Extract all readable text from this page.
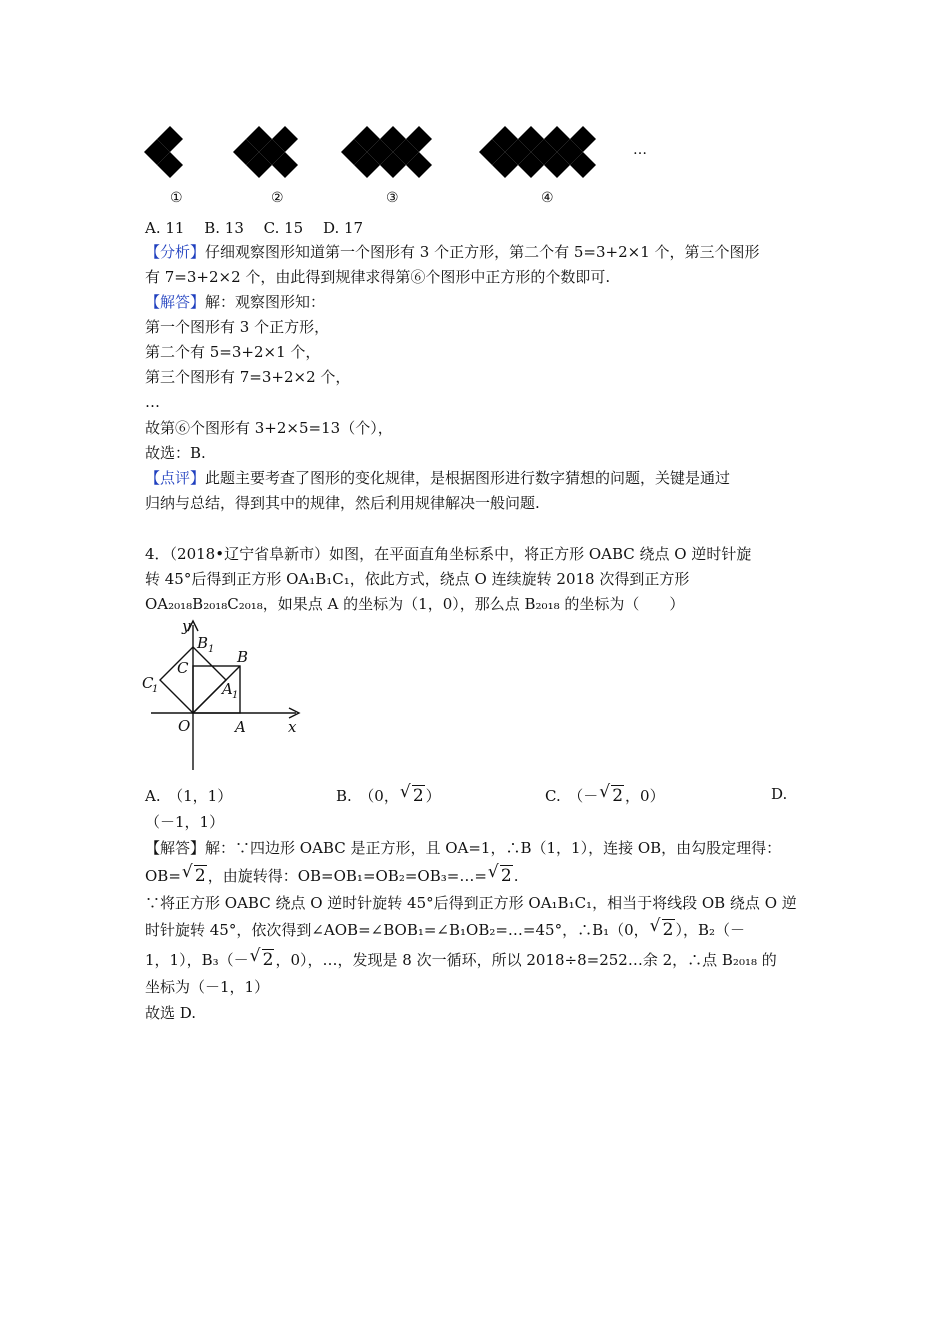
①	②	③	④
…
A. 11　 B. 13　 C. 15　 D. 17
【分析】仔细观察图形知道第一个图形有 3 个正方形，第二个有 5=3+2×1 个，第三个图形
有 7=3+2×2 个，由此得到规律求得第⑥个图形中正方形的个数即可.
【解答】解：观察图形知：
第一个图形有 3 个正方形，
第二个有 5=3+2×1 个，
第三个图形有 7=3+2×2 个，
…
故第⑥个图形有 3+2×5=13（个），
故选：B.
【点评】此题主要考查了图形的变化规律，是根据图形进行数字猜想的问题，关键是通过
归纳与总结，得到其中的规律，然后利用规律解决一般问题.
4．（2018•辽宁省阜新市）如图，在平面直角坐标系中，将正方形 OABC 绕点 O 逆时针旋
转 45°后得到正方形 OA₁B₁C₁，依此方式，绕点 O 连续旋转 2018 次得到正方形
OA₂₀₁₈B₂₀₁₈C₂₀₁₈，如果点 A 的坐标为（1，0），那么点 B₂₀₁₈ 的坐标为（　　）
y
B 1 B
C
C
1	A 1
O	A	x
A.　（1，1）	B.　（0， √ 2 ）	C.　（－ √ 2 ，0）	D.
（－1，1）
【解答】解：∵四边形 OABC 是正方形，且 OA=1，∴B（1，1），连接 OB，由勾股定理得：
OB= √ 2 ，由旋转得：OB=OB₁=OB₂=OB₃=…= √ 2 .
∵将正方形 OABC 绕点 O 逆时针旋转 45°后得到正方形 OA₁B₁C₁，相当于将线段 OB 绕点 O 逆
时针旋转 45°，依次得到∠AOB=∠BOB₁=∠B₁OB₂=…=45°，∴B₁（0， √ 2 ），B₂（－
1，1），B₃（－ √ 2 ，0），…，发现是 8 次一循环，所以 2018÷8=252…余 2，∴点 B₂₀₁₈ 的
坐标为（－1，1）
故选 D.
